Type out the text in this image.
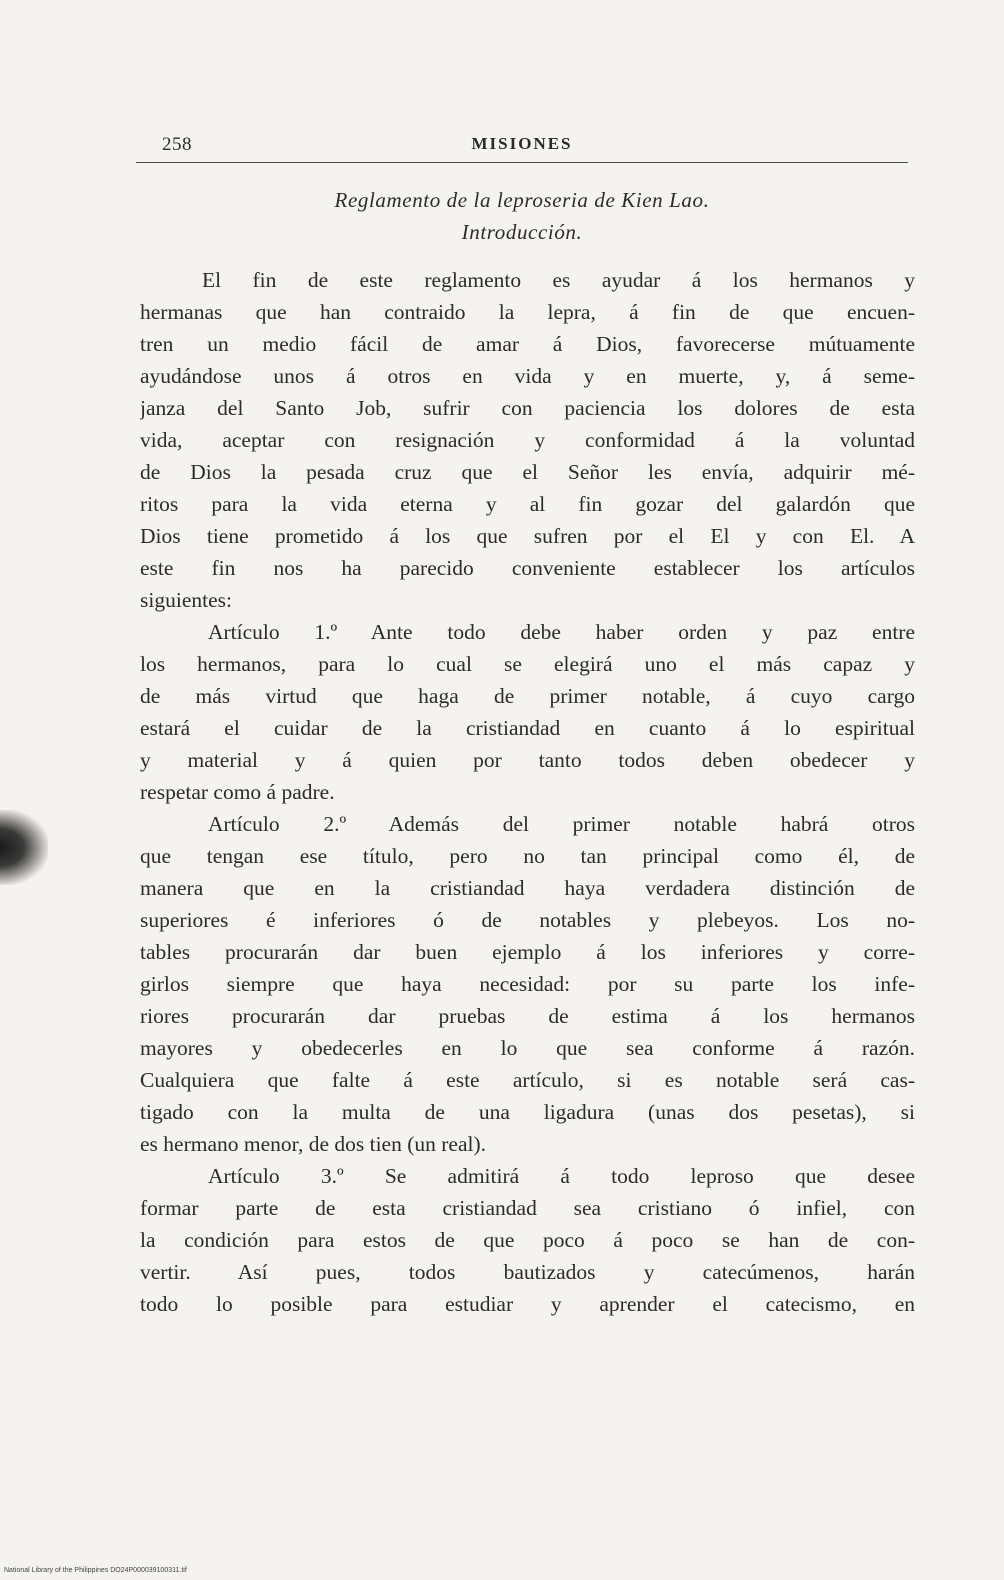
258	MISIONES
Reglamento de la leproseria de Kien Lao.
Introducción.
El fin de este reglamento es ayudar á los hermanos y
hermanas que han contraido la lepra, á fin de que encuen-
tren un medio fácil de amar á Dios, favorecerse mútuamente
ayudándose unos á otros en vida y en muerte, y, á seme-
janza del Santo Job, sufrir con paciencia los dolores de esta
vida, aceptar con resignación y conformidad á la voluntad
de Dios la pesada cruz que el Señor les envía, adquirir mé-
ritos para la vida eterna y al fin gozar del galardón que
Dios tiene prometido á los que sufren por el El y con El. A
este fin nos ha parecido conveniente establecer los artículos
siguientes:
Artículo 1.º Ante todo debe haber orden y paz entre
los hermanos, para lo cual se elegirá uno el más capaz y
de más virtud que haga de primer notable, á cuyo cargo
estará el cuidar de la cristiandad en cuanto á lo espiritual
y material y á quien por tanto todos deben obedecer y
respetar como á padre.
Artículo 2.º Además del primer notable habrá otros
que tengan ese título, pero no tan principal como él, de
manera que en la cristiandad haya verdadera distinción de
superiores é inferiores ó de notables y plebeyos. Los no-
tables procurarán dar buen ejemplo á los inferiores y corre-
girlos siempre que haya necesidad: por su parte los infe-
riores procurarán dar pruebas de estima á los hermanos
mayores y obedecerles en lo que sea conforme á razón.
Cualquiera que falte á este artículo, si es notable será cas-
tigado con la multa de una ligadura (unas dos pesetas), si
es hermano menor, de dos tien (un real).
Artículo 3.º Se admitirá á todo leproso que desee
formar parte de esta cristiandad sea cristiano ó infiel, con
la condición para estos de que poco á poco se han de con-
vertir. Así pues, todos bautizados y catecúmenos, harán
todo lo posible para estudiar y aprender el catecismo, en
National Library of the Philippines DO24P000039100311.tif
